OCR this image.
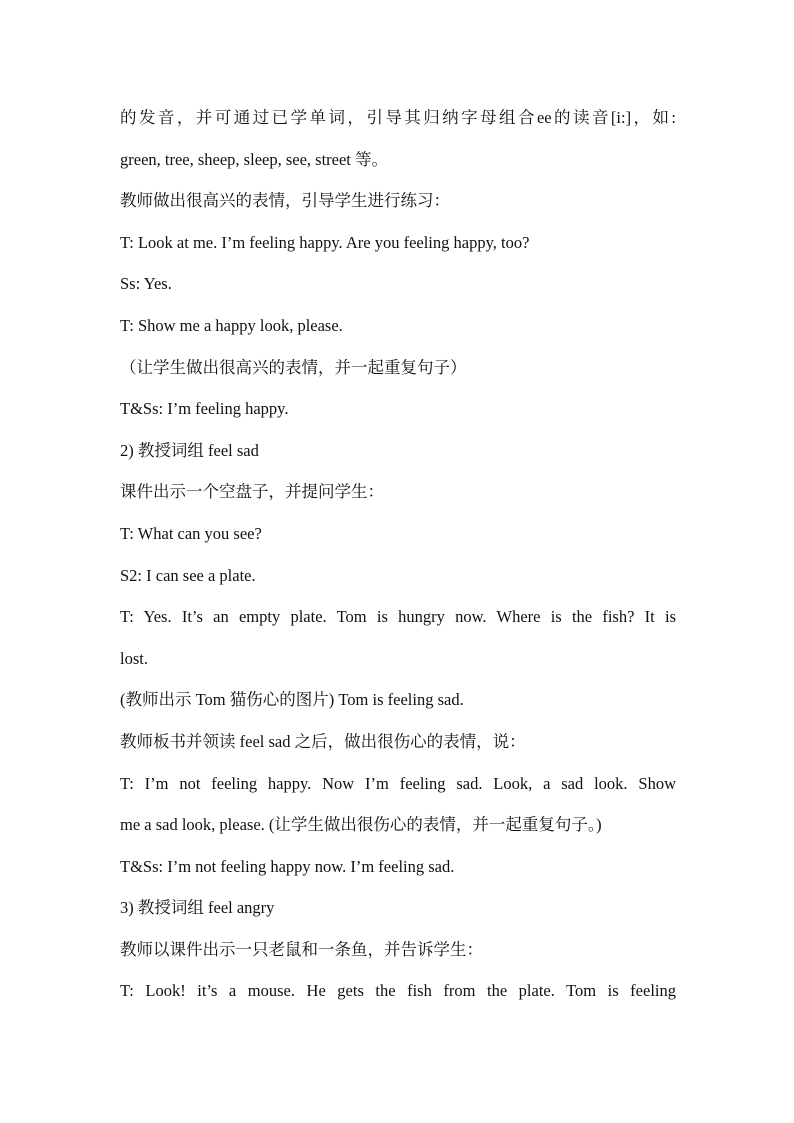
的发音，并可通过已学单词，引导其归纳字母组合ee的读音[i:]，如:
green, tree, sheep, sleep, see, street 等。
教师做出很高兴的表情，引导学生进行练习：
T: Look at me. I’m feeling happy. Are you feeling happy, too?
Ss: Yes.
T: Show me a happy look, please.
（让学生做出很高兴的表情，并一起重复句子）
T&Ss: I’m feeling happy.
2) 教授词组 feel sad
课件出示一个空盘子，并提问学生：
T: What can you see?
S2: I can see a plate.
T: Yes. It’s an empty plate. Tom is hungry now. Where is the fish? It is
lost.
(教师出示 Tom 猫伤心的图片) Tom is feeling sad.
教师板书并领读 feel sad 之后，做出很伤心的表情，说：
T: I’m not feeling happy. Now I’m feeling sad. Look, a sad look. Show
me a sad look, please. (让学生做出很伤心的表情，并一起重复句子。)
T&Ss: I’m not feeling happy now. I’m feeling sad.
3) 教授词组 feel angry
教师以课件出示一只老鼠和一条鱼，并告诉学生：
T: Look! it’s a mouse. He gets the fish from the plate. Tom is feeling
